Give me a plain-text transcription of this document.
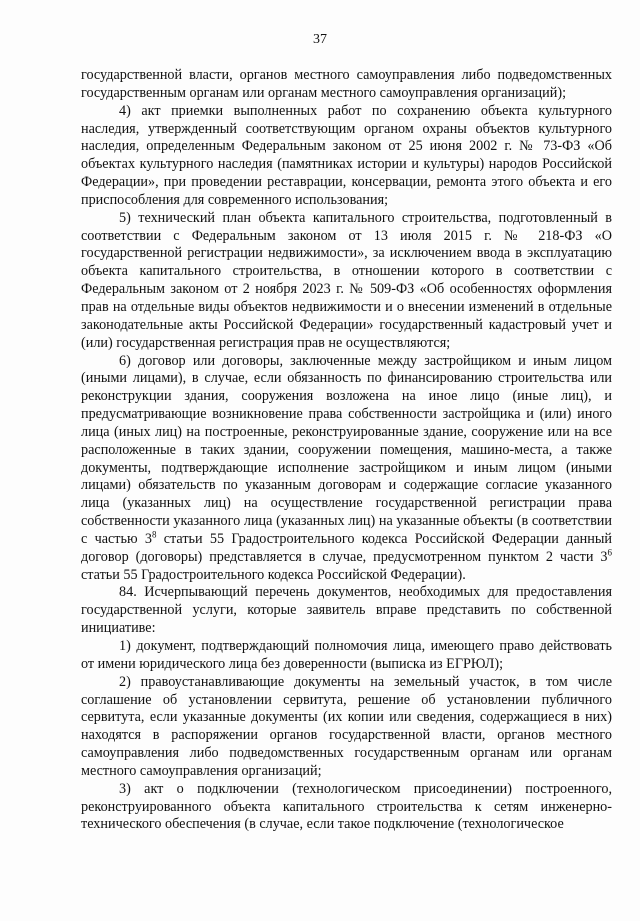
37

государственной власти, органов местного самоуправления либо подведомственных государственным органам или органам местного самоуправления организаций);

4) акт приемки выполненных работ по сохранению объекта культурного наследия, утвержденный соответствующим органом охраны объектов культурного наследия, определенным Федеральным законом от 25 июня 2002 г. № 73-ФЗ «Об объектах культурного наследия (памятниках истории и культуры) народов Российской Федерации», при проведении реставрации, консервации, ремонта этого объекта и его приспособления для современного использования;

5) технический план объекта капитального строительства, подготовленный в соответствии с Федеральным законом от 13 июля 2015 г. № 218-ФЗ «О государственной регистрации недвижимости», за исключением ввода в эксплуатацию объекта капитального строительства, в отношении которого в соответствии с Федеральным законом от 2 ноября 2023 г. № 509-ФЗ «Об особенностях оформления прав на отдельные виды объектов недвижимости и о внесении изменений в отдельные законодательные акты Российской Федерации» государственный кадастровый учет и (или) государственная регистрация прав не осуществляются;

6) договор или договоры, заключенные между застройщиком и иным лицом (иными лицами), в случае, если обязанность по финансированию строительства или реконструкции здания, сооружения возложена на иное лицо (иные лиц), и предусматривающие возникновение права собственности застройщика и (или) иного лица (иных лиц) на построенные, реконструированные здание, сооружение или на все расположенные в таких здании, сооружении помещения, машино-места, а также документы, подтверждающие исполнение застройщиком и иным лицом (иными лицами) обязательств по указанным договорам и содержащие согласие указанного лица (указанных лиц) на осуществление государственной регистрации права собственности указанного лица (указанных лиц) на указанные объекты (в соответствии с частью $3^8$ статьи 55 Градостроительного кодекса Российской Федерации данный договор (договоры) представляется в случае, предусмотренном пунктом 2 части $3^6$ статьи 55 Градостроительного кодекса Российской Федерации).

84. Исчерпывающий перечень документов, необходимых для предоставления государственной услуги, которые заявитель вправе представить по собственной инициативе:

1) документ, подтверждающий полномочия лица, имеющего право действовать от имени юридического лица без доверенности (выписка из ЕГРЮЛ);

2) правоустанавливающие документы на земельный участок, в том числе соглашение об установлении сервитута, решение об установлении публичного сервитута, если указанные документы (их копии или сведения, содержащиеся в них) находятся в распоряжении органов государственной власти, органов местного самоуправления либо подведомственных государственным органам или органам местного самоуправления организаций;

3) акт о подключении (технологическом присоединении) построенного, реконструированного объекта капитального строительства к сетям инженерно-технического обеспечения (в случае, если такое подключение (технологическое
